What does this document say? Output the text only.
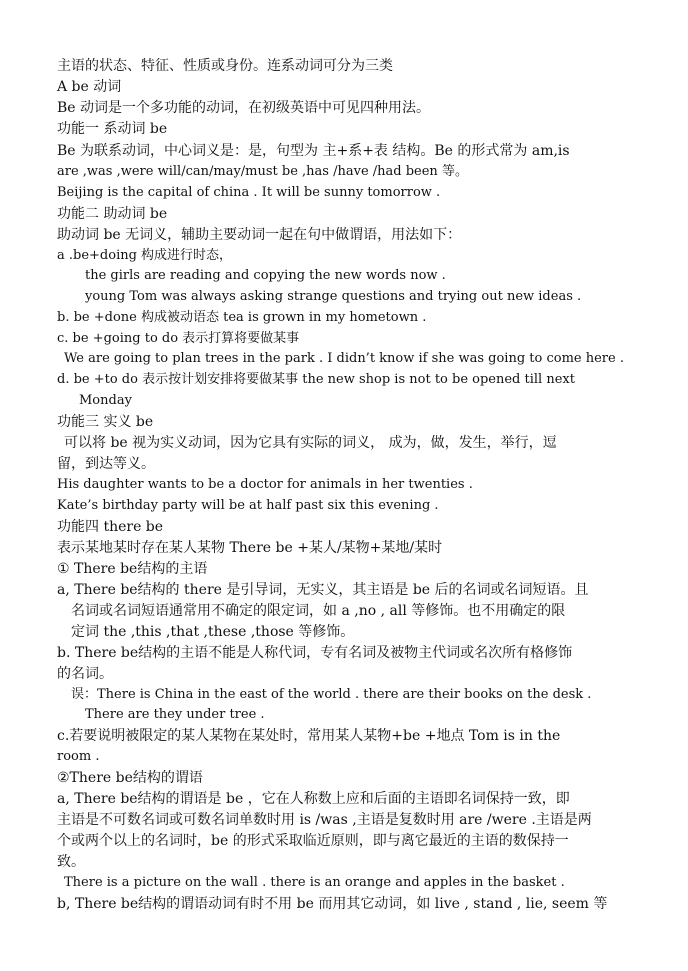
主语的状态、特征、性质或身份。连系动词可分为三类
A be 动词
Be 动词是一个多功能的动词，在初级英语中可见四种用法。
功能一 系动词 be
Be 为联系动词，中心词义是：是，句型为 主+系+表 结构。Be 的形式常为 am,is
are ,was ,were will/can/may/must be ,has /have /had been 等。
Beijing is the capital of china . It will be sunny tomorrow .
功能二 助动词 be
助动词 be 无词义，辅助主要动词一起在句中做谓语，用法如下：
a .be+doing 构成进行时态，
the girls are reading and copying the new words now .
young Tom was always asking strange questions and trying out new ideas .
b. be +done 构成被动语态 tea is grown in my hometown .
c. be +going to do 表示打算将要做某事
We are going to plan trees in the park . I didn’t know if she was going to come here .
d. be +to do 表示按计划安排将要做某事 the new shop is not to be opened till next
Monday
功能三 实义 be
可以将 be 视为实义动词，因为它具有实际的词义， 成为，做，发生，举行，逗
留，到达等义。
His daughter wants to be a doctor for animals in her twenties .
Kate’s birthday party will be at half past six this evening .
功能四 there be
表示某地某时存在某人某物 There be +某人/某物+某地/某时
① There be结构的主语
a, There be结构的 there 是引导词，无实义，其主语是 be 后的名词或名词短语。且
名词或名词短语通常用不确定的限定词，如 a ,no , all 等修饰。也不用确定的限
定词 the ,this ,that ,these ,those 等修饰。
b. There be结构的主语不能是人称代词，专有名词及被物主代词或名次所有格修饰
的名词。
误：There is China in the east of the world . there are their books on the desk .
There are they under tree .
c.若要说明被限定的某人某物在某处时，常用某人某物+be +地点 Tom is in the
room .
②There be结构的谓语
a, There be结构的谓语是 be ，它在人称数上应和后面的主语即名词保持一致，即
主语是不可数名词或可数名词单数时用 is /was ,主语是复数时用 are /were .主语是两
个或两个以上的名词时，be 的形式采取临近原则，即与离它最近的主语的数保持一
致。
There is a picture on the wall . there is an orange and apples in the basket .
b, There be结构的谓语动词有时不用 be 而用其它动词，如 live , stand , lie, seem 等
